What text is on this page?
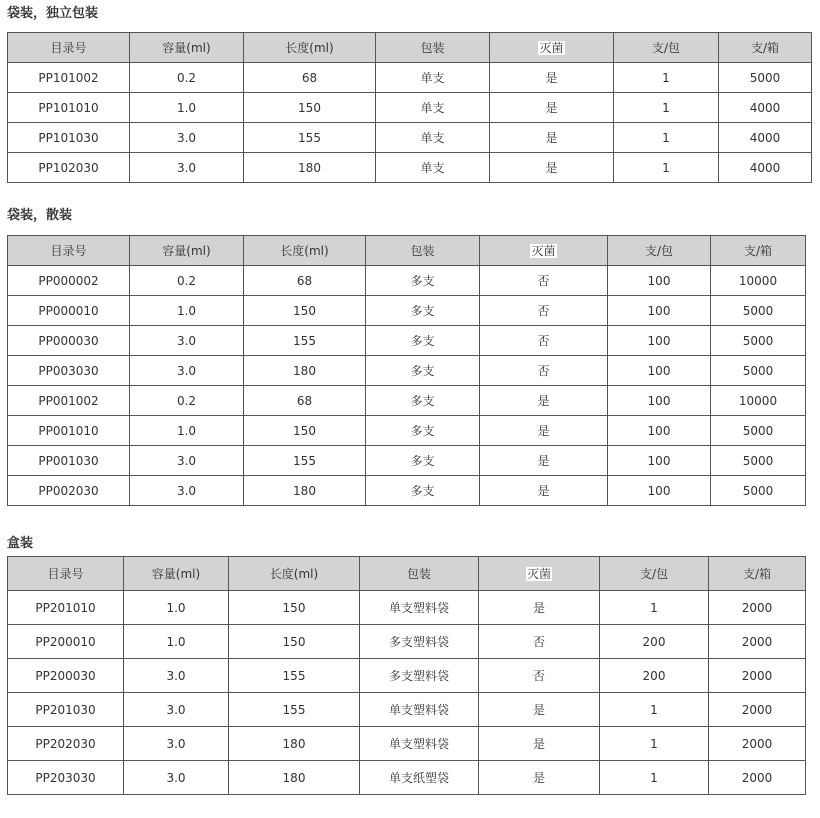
袋装，独立包装
目录号	容量(ml)	长度(ml)	包装	灭菌	支/包	支/箱
PP101002	0.2	68	单支	是	1	5000
PP101010	1.0	150	单支	是	1	4000
PP101030	3.0	155	单支	是	1	4000
PP102030	3.0	180	单支	是	1	4000
袋装，散装
目录号	容量(ml)	长度(ml)	包装	灭菌	支/包	支/箱
PP000002	0.2	68	多支	否	100	10000
PP000010	1.0	150	多支	否	100	5000
PP000030	3.0	155	多支	否	100	5000
PP003030	3.0	180	多支	否	100	5000
PP001002	0.2	68	多支	是	100	10000
PP001010	1.0	150	多支	是	100	5000
PP001030	3.0	155	多支	是	100	5000
PP002030	3.0	180	多支	是	100	5000
盒装
目录号	容量(ml)	长度(ml)	包装	灭菌	支/包	支/箱
PP201010	1.0	150	单支塑料袋	是	1	2000
PP200010	1.0	150	多支塑料袋	否	200	2000
PP200030	3.0	155	多支塑料袋	否	200	2000
PP201030	3.0	155	单支塑料袋	是	1	2000
PP202030	3.0	180	单支塑料袋	是	1	2000
PP203030	3.0	180	单支纸塑袋	是	1	2000
